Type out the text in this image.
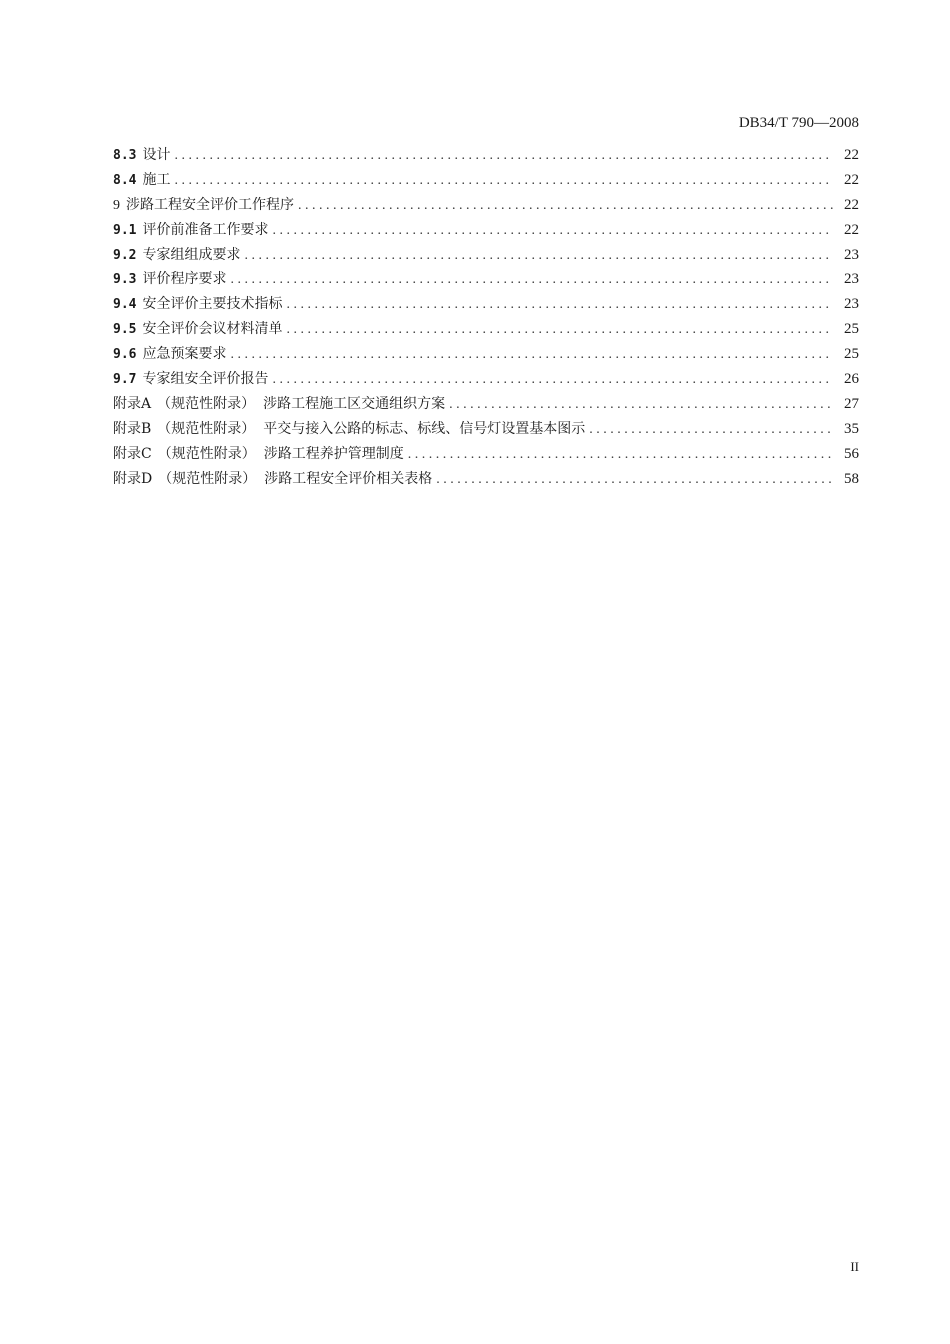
DB34/T 790—2008
8.3 设计 . . .	22
8.4 施工 . . .	22
9 涉路工程安全评价工作程序 . . .	22
9.1 评价前准备工作要求 . . .	22
9.2 专家组组成要求 . . .	23
9.3 评价程序要求 . . .	23
9.4 安全评价主要技术指标 . . .	23
9.5 安全评价会议材料清单 . . .	25
9.6 应急预案要求 . . .	25
9.7 专家组安全评价报告 . . .	26
附录A （规范性附录） 涉路工程施工区交通组织方案 . . .	27
附录B （规范性附录） 平交与接入公路的标志、标线、信号灯设置基本图示 . . .	35
附录C （规范性附录） 涉路工程养护管理制度 . . .	56
附录D （规范性附录） 涉路工程安全评价相关表格 . . .	58
II
